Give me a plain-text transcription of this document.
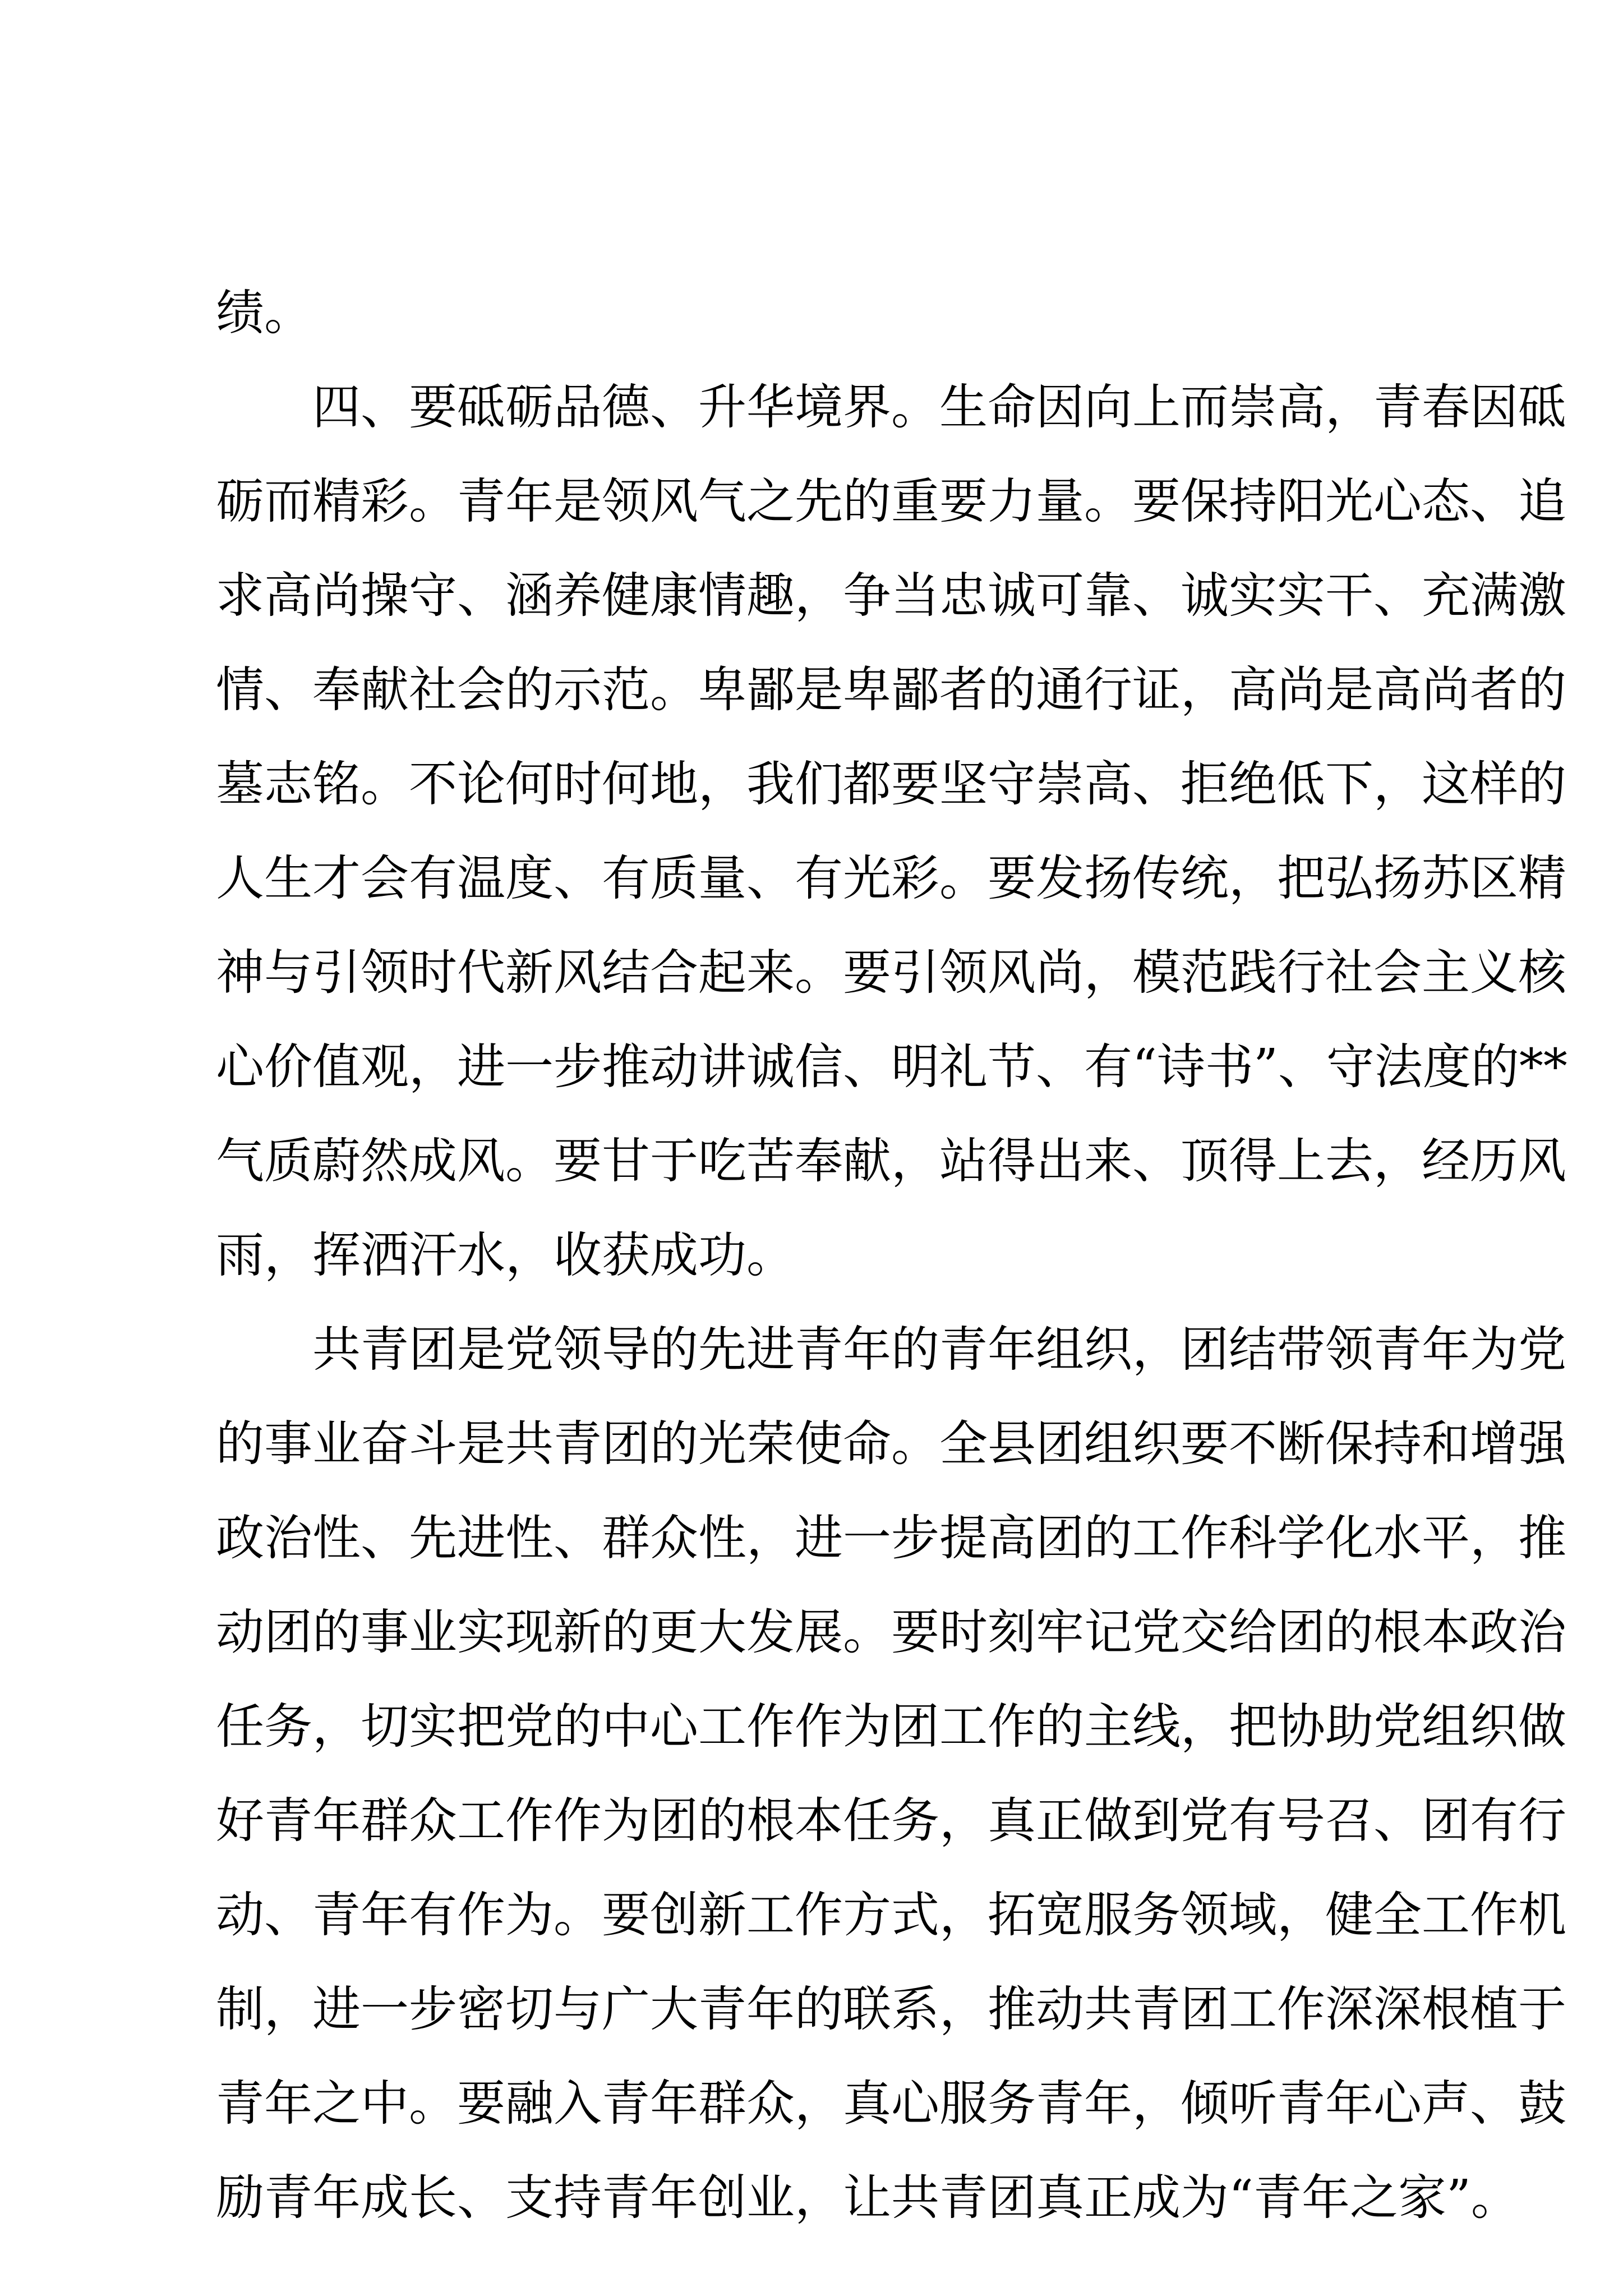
绩。
四、要砥砺品德、升华境界。生命因向上而崇高，青春因砥
砺而精彩。青年是领风气之先的重要力量。要保持阳光心态、追
求高尚操守、涵养健康情趣，争当忠诚可靠、诚实实干、充满激
情、奉献社会的示范。卑鄙是卑鄙者的通行证，高尚是高尚者的
墓志铭。不论何时何地，我们都要坚守崇高、拒绝低下，这样的
人生才会有温度、有质量、有光彩。要发扬传统，把弘扬苏区精
神与引领时代新风结合起来。要引领风尚，模范践行社会主义核
心价值观，进一步推动讲诚信、明礼节、有“诗书”、守法度的**
气质蔚然成风。要甘于吃苦奉献，站得出来、顶得上去，经历风
雨，挥洒汗水，收获成功。
共青团是党领导的先进青年的青年组织，团结带领青年为党
的事业奋斗是共青团的光荣使命。全县团组织要不断保持和增强
政治性、先进性、群众性，进一步提高团的工作科学化水平，推
动团的事业实现新的更大发展。要时刻牢记党交给团的根本政治
任务，切实把党的中心工作作为团工作的主线，把协助党组织做
好青年群众工作作为团的根本任务，真正做到党有号召、团有行
动、青年有作为。要创新工作方式，拓宽服务领域，健全工作机
制，进一步密切与广大青年的联系，推动共青团工作深深根植于
青年之中。要融入青年群众，真心服务青年，倾听青年心声、鼓
励青年成长、支持青年创业，让共青团真正成为“青年之家”。
